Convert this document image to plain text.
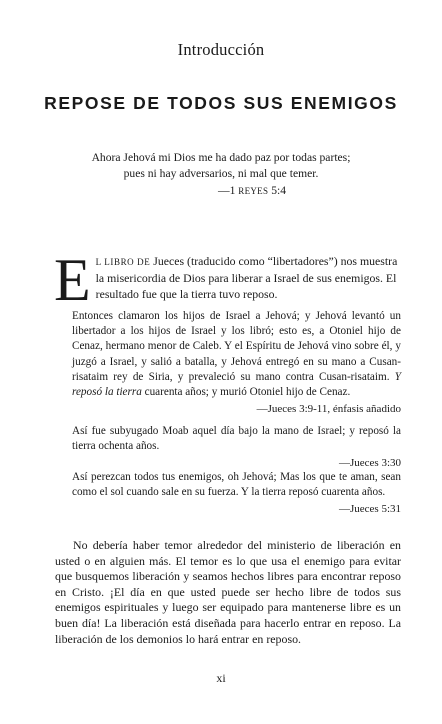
Introducción
REPOSE DE TODOS SUS ENEMIGOS
Ahora Jehová mi Dios me ha dado paz por todas partes;
pues ni hay adversarios, ni mal que temer.
—1 REYES 5:4
EL LIBRO DE Jueces (traducido como “libertadores”) nos muestra la misericordia de Dios para liberar a Israel de sus enemigos. El resultado fue que la tierra tuvo reposo.

Entonces clamaron los hijos de Israel a Jehová; y Jehová levantó un libertador a los hijos de Israel y los libró; esto es, a Otoniel hijo de Cenaz, hermano menor de Caleb. Y el Espíritu de Jehová vino sobre él, y juzgó a Israel, y salió a batalla, y Jehová entregó en su mano a Cusan-risataim rey de Siria, y prevaleció su mano contra Cusan-risataim. Y reposó la tierra cuarenta años; y murió Otoniel hijo de Cenaz.

—Jueces 3:9-11, énfasis añadido

Así fue subyugado Moab aquel día bajo la mano de Israel; y reposó la tierra ochenta años.

—Jueces 3:30

Así perezcan todos tus enemigos, oh Jehová; Mas los que te aman, sean como el sol cuando sale en su fuerza. Y la tierra reposó cuarenta años.

—Jueces 5:31

No debería haber temor alrededor del ministerio de liberación en usted o en alguien más. El temor es lo que usa el enemigo para evitar que busquemos liberación y seamos hechos libres para encontrar reposo en Cristo. ¡El día en que usted puede ser hecho libre de todos sus enemigos espirituales y luego ser equipado para mantenerse libre es un buen día! La liberación está diseñada para hacerlo entrar en reposo. La liberación de los demonios lo hará entrar en reposo.

xi
